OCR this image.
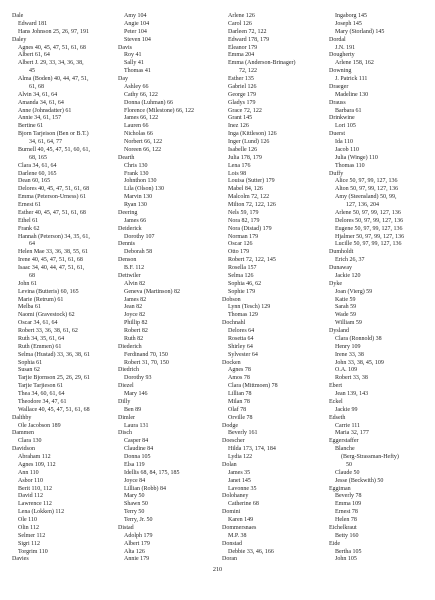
Dale
Edward 181
Hans Johnson 25, 26, 97, 191
Daley
Agnes 40, 45, 47, 51, 61, 68
Albert 61, 64
Albert J. 29, 33, 34, 36, 38,
45
Alma (Boden) 40, 44, 47, 51,
61, 68
Alvin 34, 61, 64
Amanda 34, 61, 64
Anne (Johnsdatter) 61
Annie 34, 61, 157
Bertine 61
Bjorn Tarjeison (Ben or B.T.)
34, 61, 64, 77
Burnell 40, 45, 47, 51, 60, 61,
68, 165
Clara 34, 61, 64
Darlene 60, 165
Dean 60, 165
Delores 40, 45, 47, 51, 61, 68
Emma (Peterson-Urness) 61
Ernest 61
Esther 40, 45, 47, 51, 61, 68
Ethel 61
Frank 62
Hannah (Peterson) 34, 35, 61,
64
Helen Mae 33, 36, 38, 55, 61
Irene 40, 45, 47, 51, 61, 68
Isaac 34, 40, 44, 47, 51, 61,
68
John 61
Levina (Butteris) 60, 165
Marie (Retrum) 61
Melba 61
Naomi (Gravestock) 62
Oscar 34, 61, 64
Robert 33, 36, 38, 61, 62
Ruth 34, 35, 61, 64
Ruth (Emmen) 61
Selma (Hustad) 33, 36, 38, 61
Sophia 61
Susan 62
Tarjie Bjornson 25, 26, 29, 61
Tarjie Tarjieson 61
Thea 34, 60, 61, 64
Theodore 34, 47, 61
Wallace 40, 45, 47, 51, 61, 68
Dalthby
Ole Jacobson 189
Dammen
Clara 130
Davidson
Abraham 112
Agnes 109, 112
Ann 110
Asbor 110
Berit 110, 112
David 112
Lawrence 112
Lena (Lokken) 112
Ole 110
Olin 112
Selmer 112
Sigri 112
Torgrim 110
Davies
Amy 104
Angie 104
Peter 104
Steven 104
Davis
Roy 41
Sally 41
Thomas 41
Day
Ashley 66
Cathy 66, 122
Donna (Luhman) 66
Florence (Milestone) 66, 122
James 66, 122
Lauren 66
Nicholas 66
Norbert 66, 122
Noreen 66, 122
Dearth
Chris 130
Frank 130
Johnthon 130
Lila (Olson) 130
Marvin 130
Ryan 130
Deering
James 66
Deiderick
Dorothy 107
Dennis
Deborah 58
Denson
B.F. 112
Dettwiler
Alvin 82
Geneva (Martinson) 82
James 82
Jean 82
Joyce 82
Phillip 82
Robert 82
Ruth 82
Diederich
Ferdinand 70, 150
Robert 31, 70, 150
Diedrich
Dorothy 93
Diezel
Mary 146
Dilly
Ben 89
Dimler
Laura 131
Disch
Casper 84
Claudine 84
Donna 105
Elsa 119
Idellis 68, 84, 175, 185
Joyce 84
Lillian (Robb) 84
Mary 50
Shawn 50
Terry 50
Terry, Jr. 50
Distad
Adolph 179
Albert 179
Alta 126
Annie 179
Arlene 126
Carol 126
Darleen 72, 122
Edward 178, 179
Eleanor 179
Emma 204
Emma (Anderson-Brinager)
72, 122
Esther 135
Gabriel 126
George 179
Gladys 179
Grace 72, 122
Grant 145
Inez 126
Inga (Kittleson) 126
Inger (Lund) 126
Isabelle 126
Julia 178, 179
Lena 176
Lois 98
Louisa (Sutter) 179
Mabel 84, 126
Malcolm 72, 122
Milton 72, 122, 126
Nels 59, 179
Nora 82, 179
Nora (Distad) 179
Norman 179
Oscar 126
Otto 179
Robert 72, 122, 145
Rosella 157
Selma 126
Sophia 46, 62
Sophie 179
Dobson
Lynn (Tesch) 129
Thomas 129
Dochnahl
Delores 64
Rosetta 64
Shirley 64
Sylvester 64
Docken
Agnes 78
Amos 78
Clara (Mittmoen) 78
Lillian 78
Milan 78
Olaf 78
Orville 78
Dodge
Beverly 161
Doescher
Hilda 173, 174, 184
Lydia 122
Dolan
James 35
Janet 145
Lavonne 35
Dolohaney
Catherine 68
Domini
Karen 149
Dommersnaes
M.P. 38
Donstad
Debbie 33, 46, 166
Doran
Ingaborg 145
Joseph 145
Mary (Storland) 145
Dordal
J.N. 191
Dougherty
Arlene 158, 162
Downing
J. Patrick 111
Draeger
Madeline 130
Drauss
Barbara 61
Drinkwine
Lori 105
Duerst
Ida 110
Jacob 110
Julia (Winge) 110
Thomas 110
Duffy
Alice 50, 97, 99, 127, 136
Alton 50, 97, 99, 127, 136
Amy (Steensland) 50, 99,
127, 136, 204
Arlene 50, 97, 99, 127, 136
Delores 50, 97, 99, 127, 136
Eugene 50, 97, 99, 127, 136
Hjalmer 50, 97, 99, 127, 136
Lucille 50, 97, 99, 127, 136
Dumholdt
Erich 26, 37
Dunaway
Jackie 120
Dyke
Joan (Vierg) 59
Katie 59
Sarah 59
Wade 59
William 59
Dysland
Clara (Ronnold) 38
Henry 109
Irene 33, 38
John 33, 38, 45, 109
O.A. 109
Robert 33, 38
Ebert
Jean 139, 143
Eckel
Jackie 99
Edseth
Carrie 111
Maria 32, 177
Eggerstaffer
Blanche
(Berg-Strassman-Hefty)
50
Claude 50
Jesse (Beckwith) 50
Eggiman
Beverly 78
Emma 109
Ernest 78
Helen 78
Eichelkraut
Betty 160
Eide
Bertha 105
John 105
210
